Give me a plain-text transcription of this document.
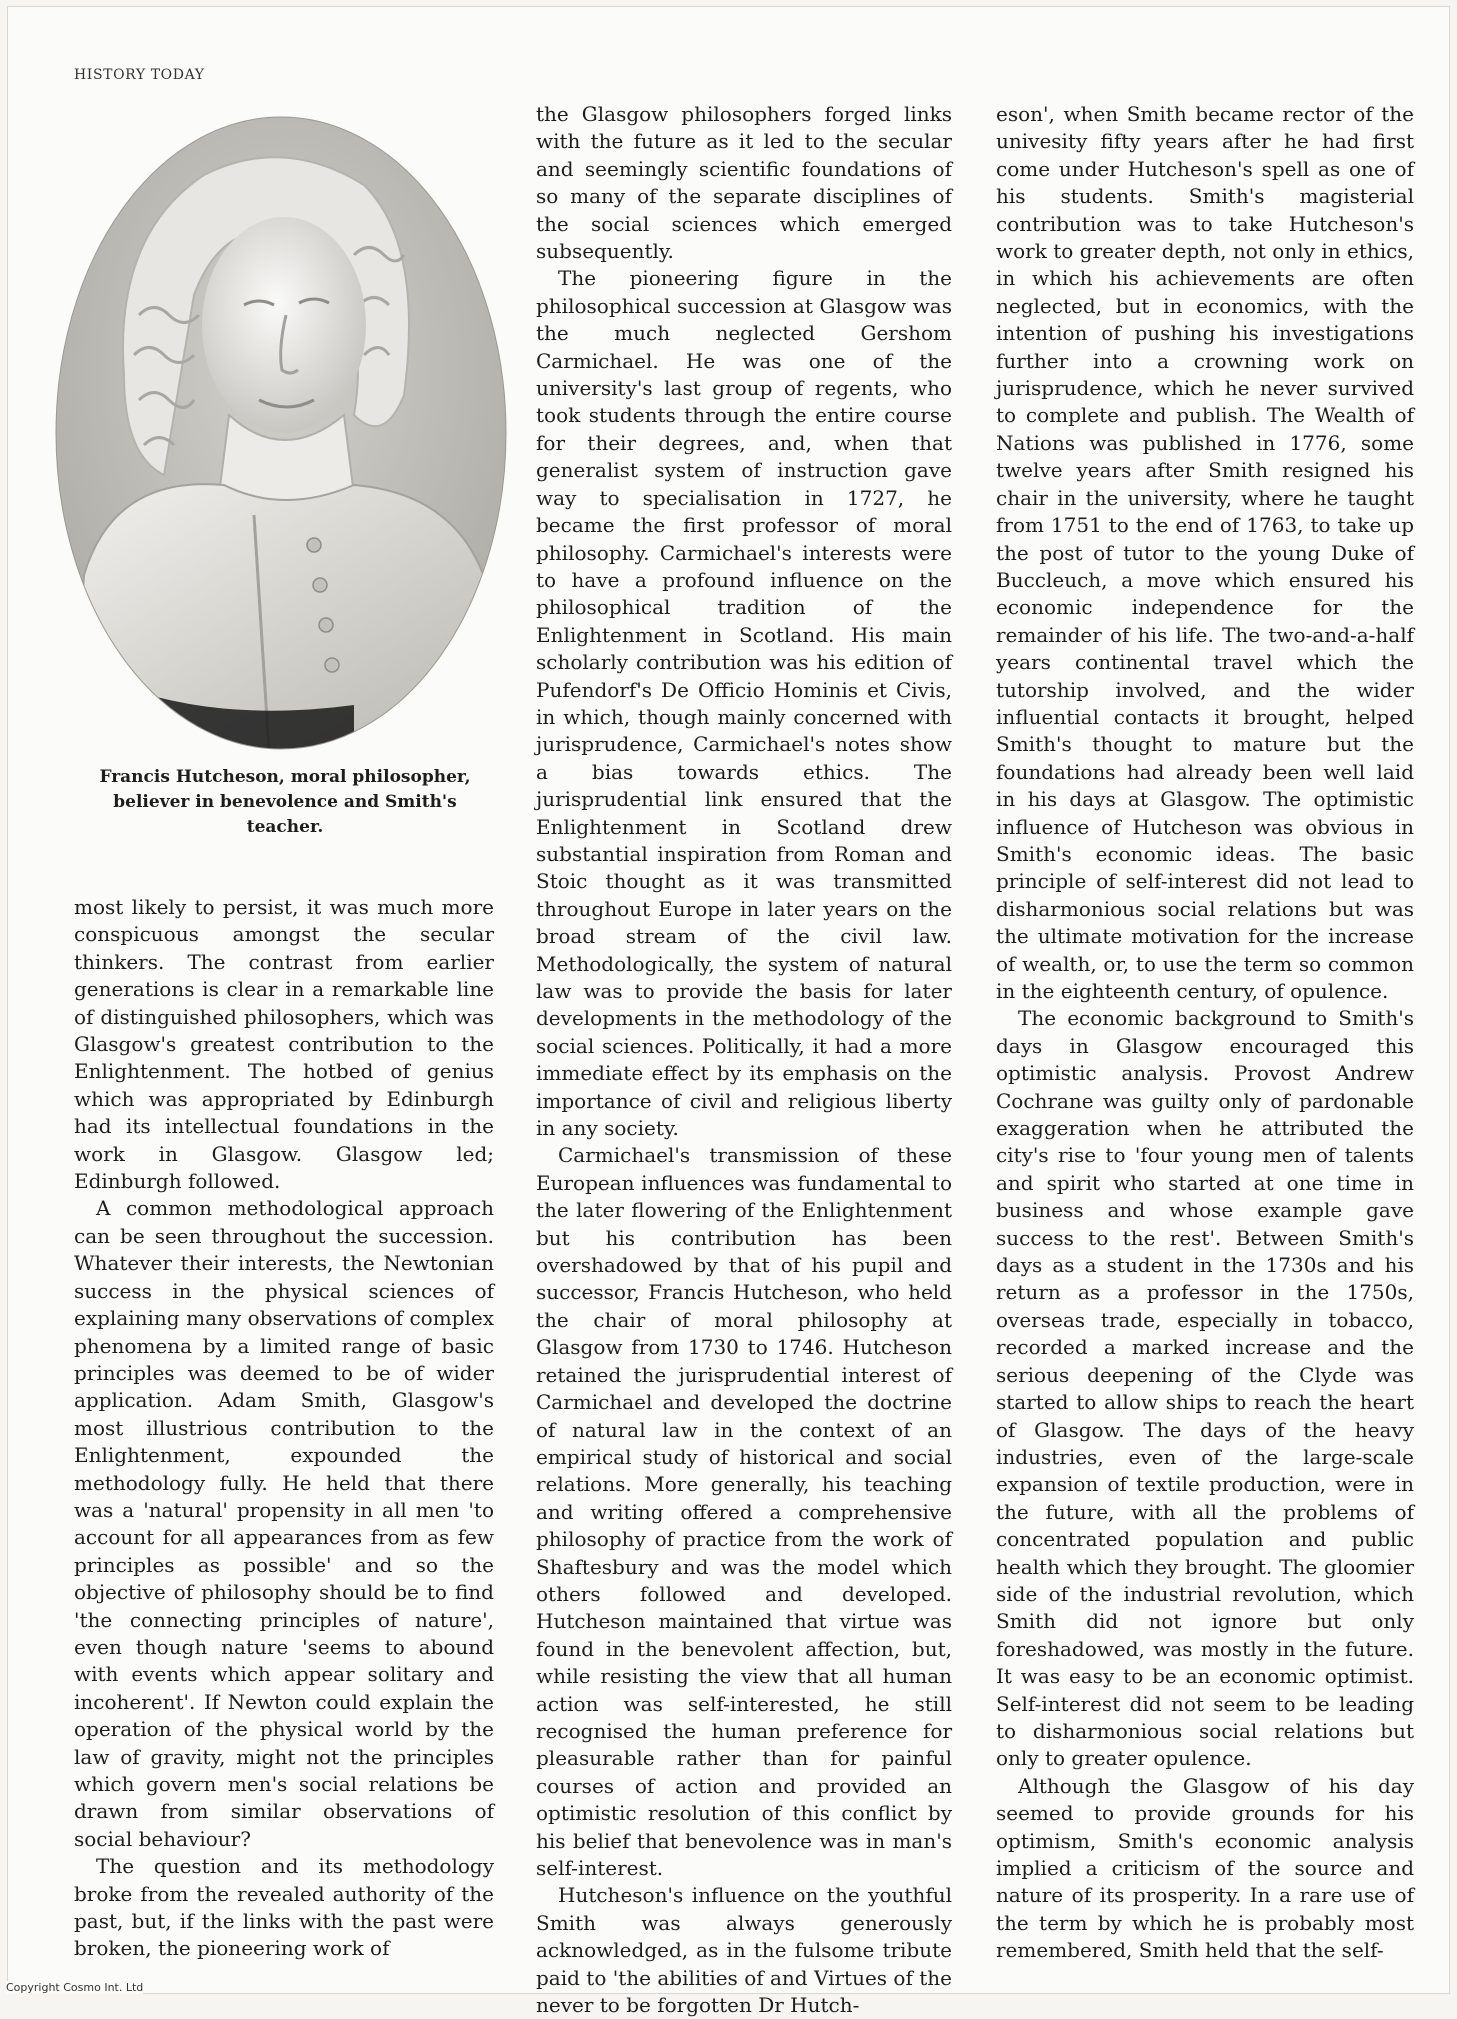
HISTORY TODAY
Francis Hutcheson, moral philosopher, believer in benevolence and Smith's teacher.

most likely to persist, it was much more conspicuous amongst the secular thinkers. The contrast from earlier generations is clear in a remarkable line of distinguished philosophers, which was Glasgow's greatest contribution to the Enlightenment. The hotbed of genius which was appropriated by Edinburgh had its intellectual foundations in the work in Glasgow. Glasgow led; Edinburgh followed.

A common methodological approach can be seen throughout the succession. Whatever their interests, the Newtonian success in the physical sciences of explaining many observations of complex phenomena by a limited range of basic principles was deemed to be of wider application. Adam Smith, Glasgow's most illustrious contribution to the Enlightenment, expounded the methodology fully. He held that there was a 'natural' propensity in all men 'to account for all appearances from as few principles as possible' and so the objective of philosophy should be to find 'the connecting principles of nature', even though nature 'seems to abound with events which appear solitary and incoherent'. If Newton could explain the operation of the physical world by the law of gravity, might not the principles which govern men's social relations be drawn from similar observations of social behaviour?

The question and its methodology broke from the revealed authority of the past, but, if the links with the past were broken, the pioneering work of

the Glasgow philosophers forged links with the future as it led to the secular and seemingly scientific foundations of so many of the separate disciplines of the social sciences which emerged subsequently.

The pioneering figure in the philosophical succession at Glasgow was the much neglected Gershom Carmichael. He was one of the university's last group of regents, who took students through the entire course for their degrees, and, when that generalist system of instruction gave way to specialisation in 1727, he became the first professor of moral philosophy. Carmichael's interests were to have a profound influence on the philosophical tradition of the Enlightenment in Scotland. His main scholarly contribution was his edition of Pufendorf's De Officio Hominis et Civis, in which, though mainly concerned with jurisprudence, Carmichael's notes show a bias towards ethics. The jurisprudential link ensured that the Enlightenment in Scotland drew substantial inspiration from Roman and Stoic thought as it was transmitted throughout Europe in later years on the broad stream of the civil law. Methodologically, the system of natural law was to provide the basis for later developments in the methodology of the social sciences. Politically, it had a more immediate effect by its emphasis on the importance of civil and religious liberty in any society.

Carmichael's transmission of these European influences was fundamental to the later flowering of the Enlightenment but his contribution has been overshadowed by that of his pupil and successor, Francis Hutcheson, who held the chair of moral philosophy at Glasgow from 1730 to 1746. Hutcheson retained the jurisprudential interest of Carmichael and developed the doctrine of natural law in the context of an empirical study of historical and social relations. More generally, his teaching and writing offered a comprehensive philosophy of practice from the work of Shaftesbury and was the model which others followed and developed. Hutcheson maintained that virtue was found in the benevolent affection, but, while resisting the view that all human action was self-interested, he still recognised the human preference for pleasurable rather than for painful courses of action and provided an optimistic resolution of this conflict by his belief that benevolence was in man's self-interest.

Hutcheson's influence on the youthful Smith was always generously acknowledged, as in the fulsome tribute paid to 'the abilities of and Virtues of the never to be forgotten Dr Hutch-

eson', when Smith became rector of the univesity fifty years after he had first come under Hutcheson's spell as one of his students. Smith's magisterial contribution was to take Hutcheson's work to greater depth, not only in ethics, in which his achievements are often neglected, but in economics, with the intention of pushing his investigations further into a crowning work on jurisprudence, which he never survived to complete and publish. The Wealth of Nations was published in 1776, some twelve years after Smith resigned his chair in the university, where he taught from 1751 to the end of 1763, to take up the post of tutor to the young Duke of Buccleuch, a move which ensured his economic independence for the remainder of his life. The two-and-a-half years continental travel which the tutorship involved, and the wider influential contacts it brought, helped Smith's thought to mature but the foundations had already been well laid in his days at Glasgow. The optimistic influence of Hutcheson was obvious in Smith's economic ideas. The basic principle of self-interest did not lead to disharmonious social relations but was the ultimate motivation for the increase of wealth, or, to use the term so common in the eighteenth century, of opulence.

The economic background to Smith's days in Glasgow encouraged this optimistic analysis. Provost Andrew Cochrane was guilty only of pardonable exaggeration when he attributed the city's rise to 'four young men of talents and spirit who started at one time in business and whose example gave success to the rest'. Between Smith's days as a student in the 1730s and his return as a professor in the 1750s, overseas trade, especially in tobacco, recorded a marked increase and the serious deepening of the Clyde was started to allow ships to reach the heart of Glasgow. The days of the heavy industries, even of the large-scale expansion of textile production, were in the future, with all the problems of concentrated population and public health which they brought. The gloomier side of the industrial revolution, which Smith did not ignore but only foreshadowed, was mostly in the future. It was easy to be an economic optimist. Self-interest did not seem to be leading to disharmonious social relations but only to greater opulence.

Although the Glasgow of his day seemed to provide grounds for his optimism, Smith's economic analysis implied a criticism of the source and nature of its prosperity. In a rare use of the term by which he is probably most remembered, Smith held that the self-

Copyright Cosmo Int. Ltd
